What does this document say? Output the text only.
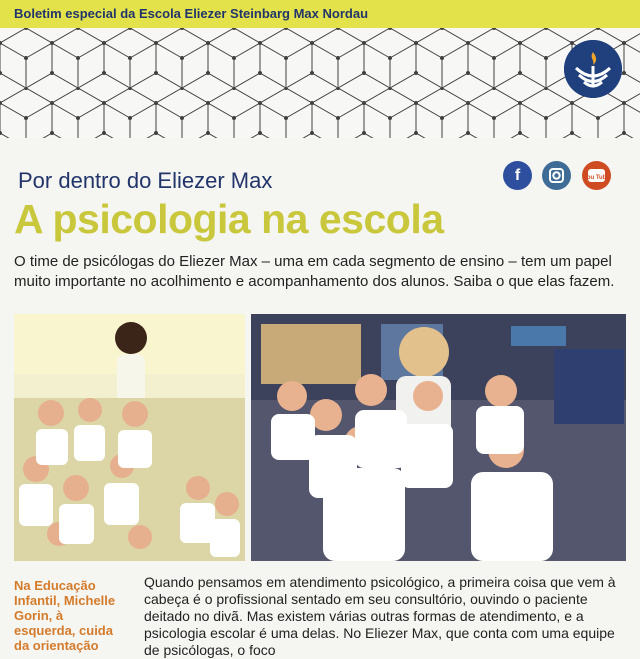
Boletim especial da Escola Eliezer Steinbarg Max Nordau
Por dentro do Eliezer Max	f	You Tube
A psicologia na escola
O time de psicólogas do Eliezer Max – uma em cada segmento de ensino – tem um papel muito importante no acolhimento e acompanhamento dos alunos. Saiba o que elas fazem.
Na Educação Infantil, Michelle Gorin, à esquerda, cuida da orientação
Quando pensamos em atendimento psicológico, a primeira coisa que vem à cabeça é o profissional sentado em seu consultório, ouvindo o paciente deitado no divã. Mas existem várias outras formas de atendimento, e a psicologia escolar é uma delas. No Eliezer Max, que conta com uma equipe de psicólogas, o foco
